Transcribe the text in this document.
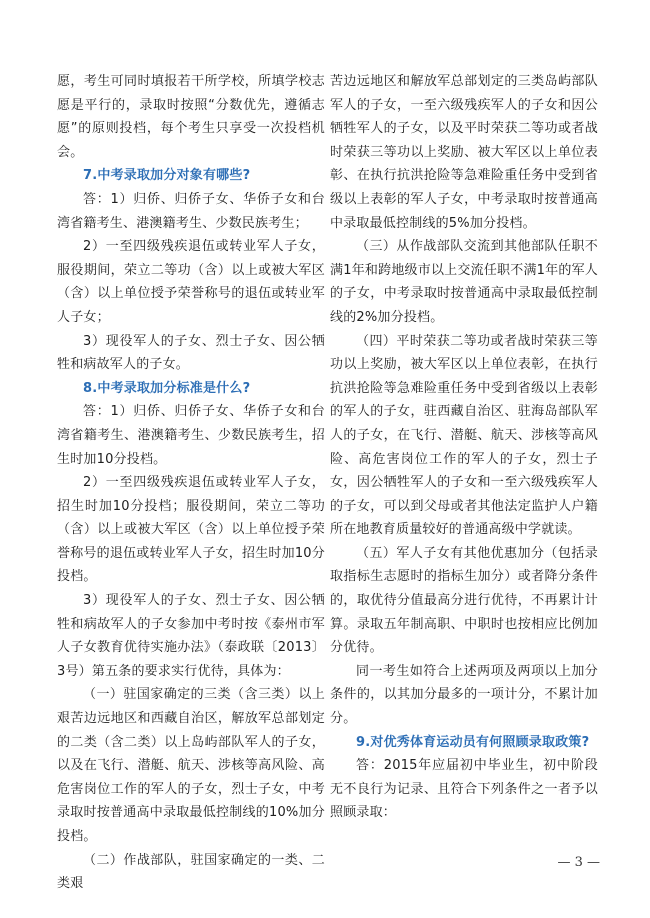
愿，考生可同时填报若干所学校，所填学校志愿是平行的，录取时按照“分数优先，遵循志愿”的原则投档，每个考生只享受一次投档机会。

7.中考录取加分对象有哪些?

答：1）归侨、归侨子女、华侨子女和台湾省籍考生、港澳籍考生、少数民族考生；

2）一至四级残疾退伍或转业军人子女，服役期间，荣立二等功（含）以上或被大军区（含）以上单位授予荣誉称号的退伍或转业军人子女；

3）现役军人的子女、烈士子女、因公牺牲和病故军人的子女。

8.中考录取加分标准是什么?

答：1）归侨、归侨子女、华侨子女和台湾省籍考生、港澳籍考生、少数民族考生，招生时加10分投档。

2）一至四级残疾退伍或转业军人子女，招生时加10分投档；服役期间，荣立二等功（含）以上或被大军区（含）以上单位授予荣誉称号的退伍或转业军人子女，招生时加10分投档。

3）现役军人的子女、烈士子女、因公牺牲和病故军人的子女参加中考时按《泰州市军人子女教育优待实施办法》（泰政联〔2013〕3号）第五条的要求实行优待，具体为：

（一）驻国家确定的三类（含三类）以上艰苦边远地区和西藏自治区，解放军总部划定的二类（含二类）以上岛屿部队军人的子女，以及在飞行、潜艇、航天、涉核等高风险、高危害岗位工作的军人的子女，烈士子女，中考录取时按普通高中录取最低控制线的10%加分投档。

（二）作战部队，驻国家确定的一类、二类艰

苦边远地区和解放军总部划定的三类岛屿部队军人的子女，一至六级残疾军人的子女和因公牺牲军人的子女，以及平时荣获二等功或者战时荣获三等功以上奖励、被大军区以上单位表彰、在执行抗洪抢险等急难险重任务中受到省级以上表彰的军人子女，中考录取时按普通高中录取最低控制线的5%加分投档。

（三）从作战部队交流到其他部队任职不满1年和跨地级市以上交流任职不满1年的军人的子女，中考录取时按普通高中录取最低控制线的2%加分投档。

（四）平时荣获二等功或者战时荣获三等功以上奖励，被大军区以上单位表彰，在执行抗洪抢险等急难险重任务中受到省级以上表彰的军人的子女，驻西藏自治区、驻海岛部队军人的子女，在飞行、潜艇、航天、涉核等高风险、高危害岗位工作的军人的子女，烈士子女，因公牺牲军人的子女和一至六级残疾军人的子女，可以到父母或者其他法定监护人户籍所在地教育质量较好的普通高级中学就读。

（五）军人子女有其他优惠加分（包括录取指标生志愿时的指标生加分）或者降分条件的，取优待分值最高分进行优待，不再累计计算。录取五年制高职、中职时也按相应比例加分优待。

同一考生如符合上述两项及两项以上加分条件的，以其加分最多的一项计分，不累计加分。

9.对优秀体育运动员有何照顾录取政策?

答：2015年应届初中毕业生，初中阶段无不良行为记录、且符合下列条件之一者予以照顾录取：

— 3 —
